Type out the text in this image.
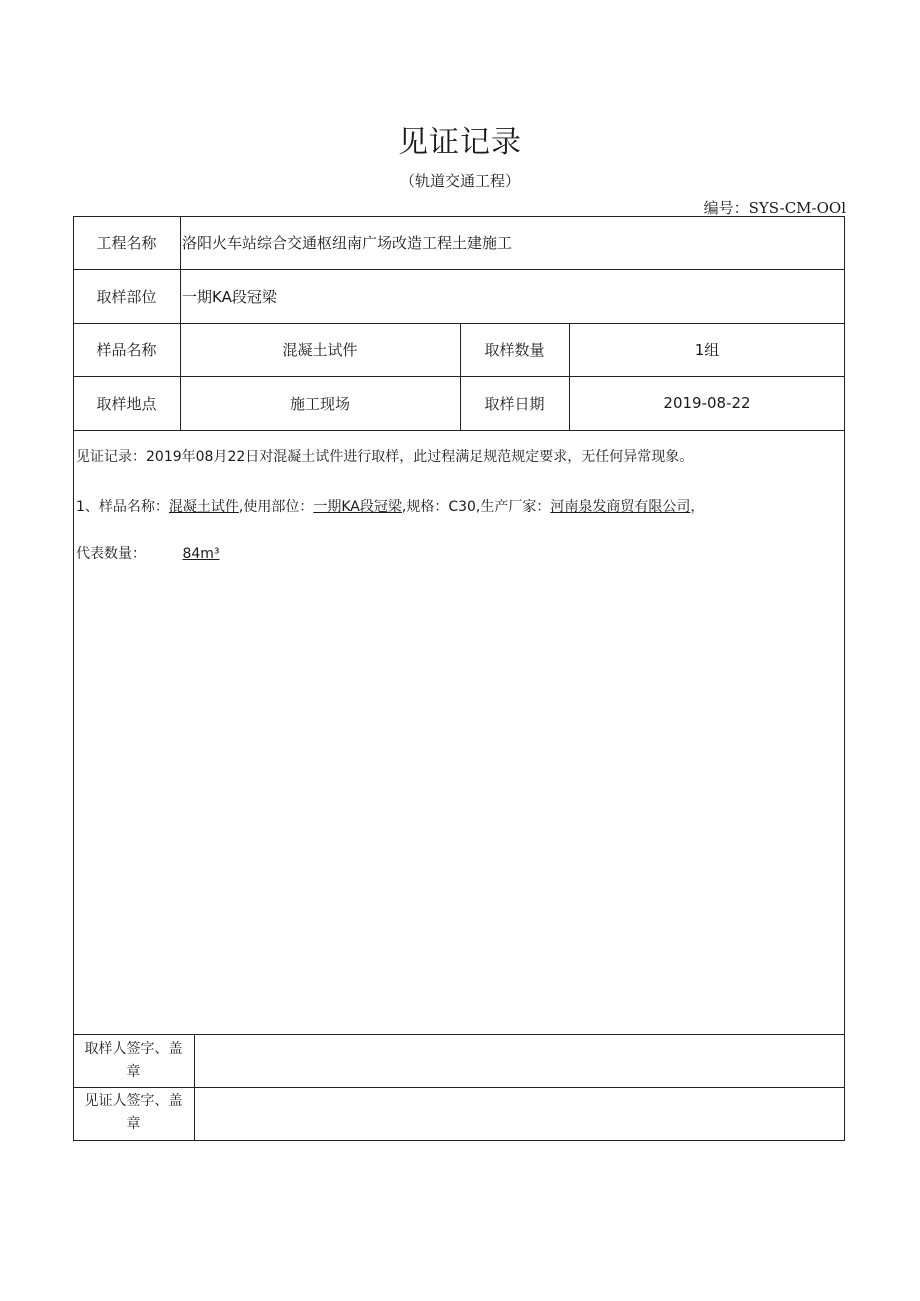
见证记录
（轨道交通工程）
编号：SYS-CM-OOl
工程名称	洛阳火车站综合交通枢纽南广场改造工程土建施工
取样部位	一期KA段冠梁
样品名称	混凝土试件	取样数量	1组
取样地点	施工现场	取样日期	2019-08-22
见证记录：2019年08月22日对混凝土试件进行取样，此过程满足规范规定要求，无任何异常现象。
1、样品名称：混凝土试件,使用部位：一期KA段冠梁,规格：C30,生产厂家：河南泉发商贸有限公司，
代表数量：	84m³
取样人签字、盖
章
见证人签字、盖
章
